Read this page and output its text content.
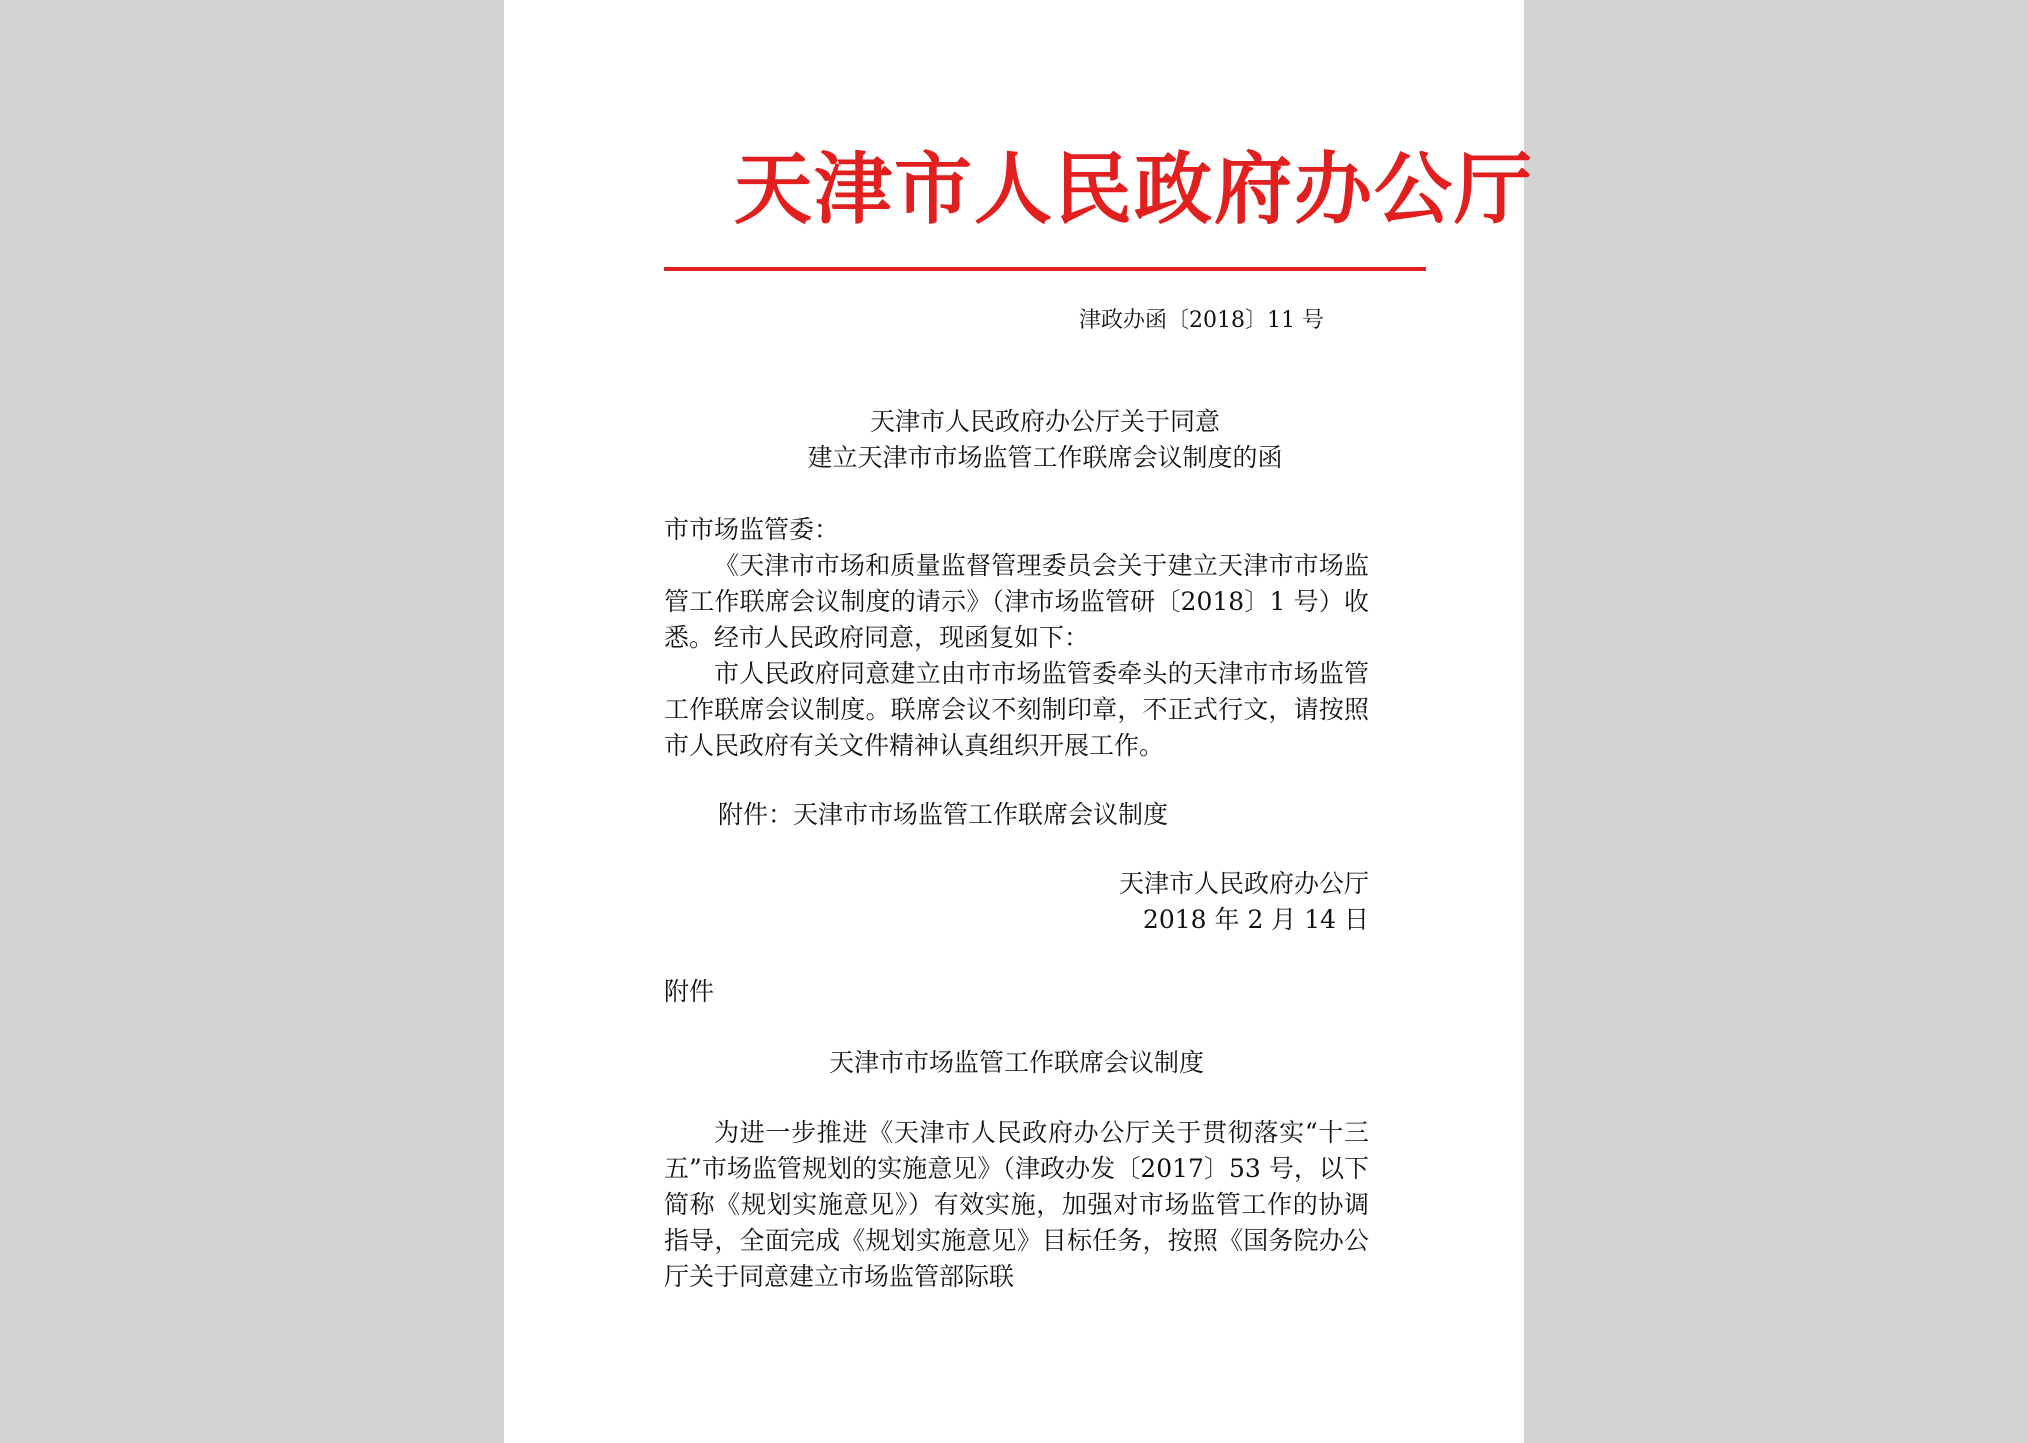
天津市人民政府办公厅
津政办函〔2018〕11 号
天津市人民政府办公厅关于同意
建立天津市市场监管工作联席会议制度的函
市市场监管委：
《天津市市场和质量监督管理委员会关于建立天津市市场监管工作联席会议制度的请示》（津市场监管研〔2018〕1 号）收悉。经市人民政府同意，现函复如下：
市人民政府同意建立由市市场监管委牵头的天津市市场监管工作联席会议制度。联席会议不刻制印章，不正式行文，请按照市人民政府有关文件精神认真组织开展工作。
附件：天津市市场监管工作联席会议制度
天津市人民政府办公厅
2018 年 2 月 14 日
附件
天津市市场监管工作联席会议制度
为进一步推进《天津市人民政府办公厅关于贯彻落实“十三五”市场监管规划的实施意见》（津政办发〔2017〕53 号，以下简称《规划实施意见》）有效实施，加强对市场监管工作的协调指导，全面完成《规划实施意见》目标任务，按照《国务院办公厅关于同意建立市场监管部际联
